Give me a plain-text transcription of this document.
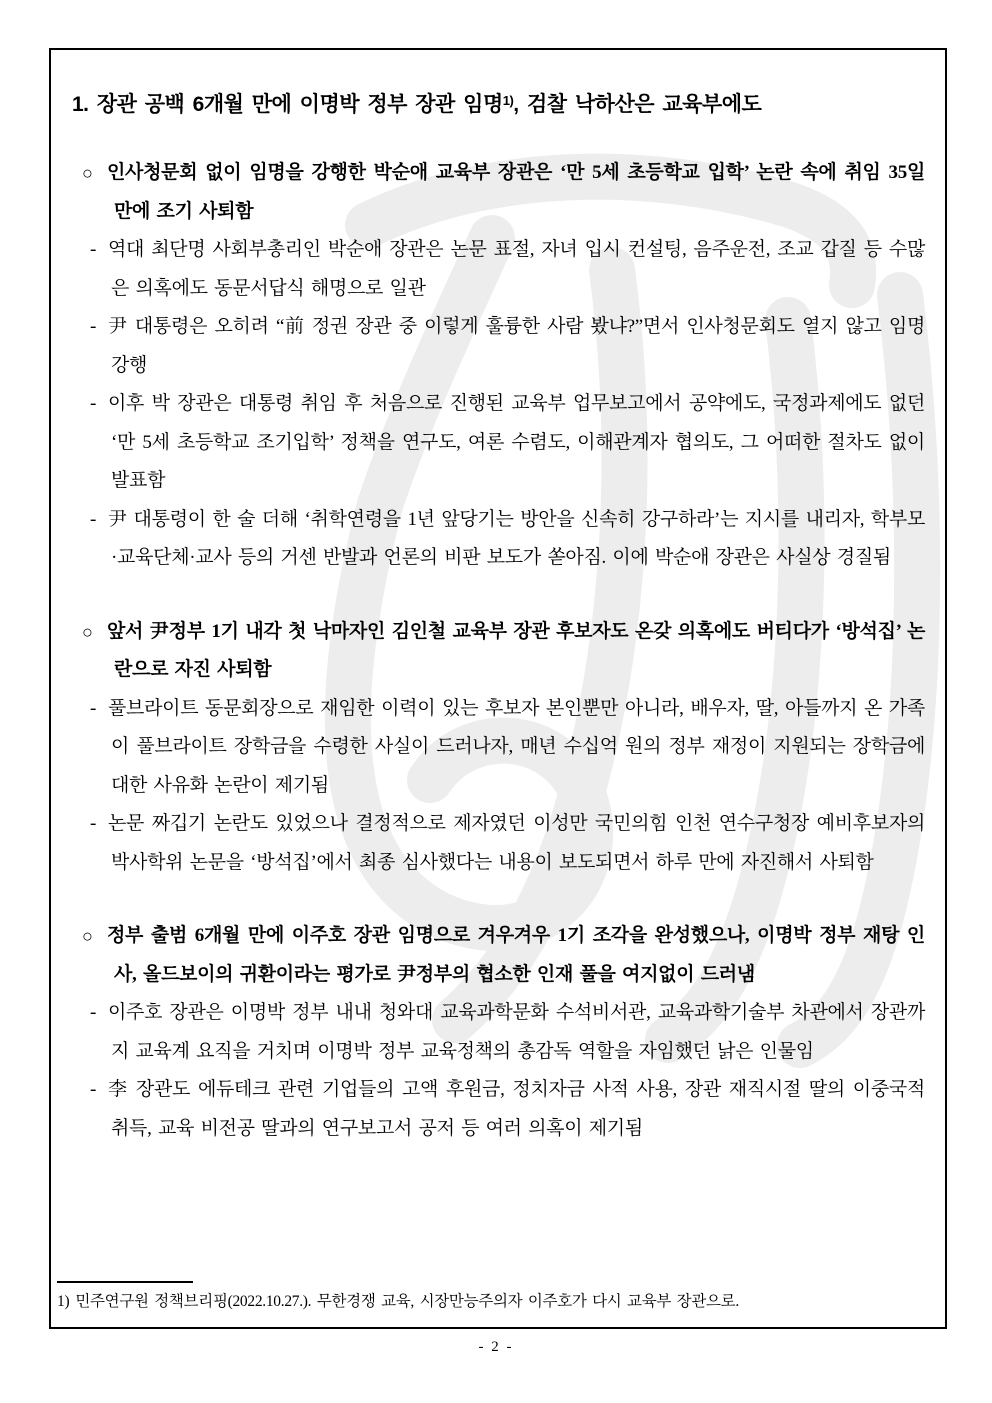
1. 장관 공백 6개월 만에 이명박 정부 장관 임명$^{1)}$, 검찰 낙하산은 교육부에도

○ 인사청문회 없이 임명을 강행한 박순애 교육부 장관은 ‘만 5세 초등학교 입학’ 논란 속에 취임 35일 만에 조기 사퇴함

- 역대 최단명 사회부총리인 박순애 장관은 논문 표절, 자녀 입시 컨설팅, 음주운전, 조교 갑질 등 수많은 의혹에도 동문서답식 해명으로 일관

- 尹 대통령은 오히려 “前 정권 장관 중 이렇게 훌륭한 사람 봤냐?”면서 인사청문회도 열지 않고 임명 강행

- 이후 박 장관은 대통령 취임 후 처음으로 진행된 교육부 업무보고에서 공약에도, 국정과제에도 없던 ‘만 5세 초등학교 조기입학’ 정책을 연구도, 여론 수렴도, 이해관계자 협의도, 그 어떠한 절차도 없이 발표함

- 尹 대통령이 한 술 더해 ‘취학연령을 1년 앞당기는 방안을 신속히 강구하라’는 지시를 내리자, 학부모·교육단체·교사 등의 거센 반발과 언론의 비판 보도가 쏟아짐. 이에 박순애 장관은 사실상 경질됨

○ 앞서 尹정부 1기 내각 첫 낙마자인 김인철 교육부 장관 후보자도 온갖 의혹에도 버티다가 ‘방석집’ 논란으로 자진 사퇴함

- 풀브라이트 동문회장으로 재임한 이력이 있는 후보자 본인뿐만 아니라, 배우자, 딸, 아들까지 온 가족이 풀브라이트 장학금을 수령한 사실이 드러나자, 매년 수십억 원의 정부 재정이 지원되는 장학금에 대한 사유화 논란이 제기됨

- 논문 짜깁기 논란도 있었으나 결정적으로 제자였던 이성만 국민의힘 인천 연수구청장 예비후보자의 박사학위 논문을 ‘방석집’에서 최종 심사했다는 내용이 보도되면서 하루 만에 자진해서 사퇴함

○ 정부 출범 6개월 만에 이주호 장관 임명으로 겨우겨우 1기 조각을 완성했으나, 이명박 정부 재탕 인사, 올드보이의 귀환이라는 평가로 尹정부의 협소한 인재 풀을 여지없이 드러냄

- 이주호 장관은 이명박 정부 내내 청와대 교육과학문화 수석비서관, 교육과학기술부 차관에서 장관까지 교육계 요직을 거치며 이명박 정부 교육정책의 총감독 역할을 자임했던 낡은 인물임

- 李 장관도 에듀테크 관련 기업들의 고액 후원금, 정치자금 사적 사용, 장관 재직시절 딸의 이중국적 취득, 교육 비전공 딸과의 연구보고서 공저 등 여러 의혹이 제기됨

1) 민주연구원 정책브리핑(2022.10.27.). 무한경쟁 교육, 시장만능주의자 이주호가 다시 교육부 장관으로.

- 2 -
